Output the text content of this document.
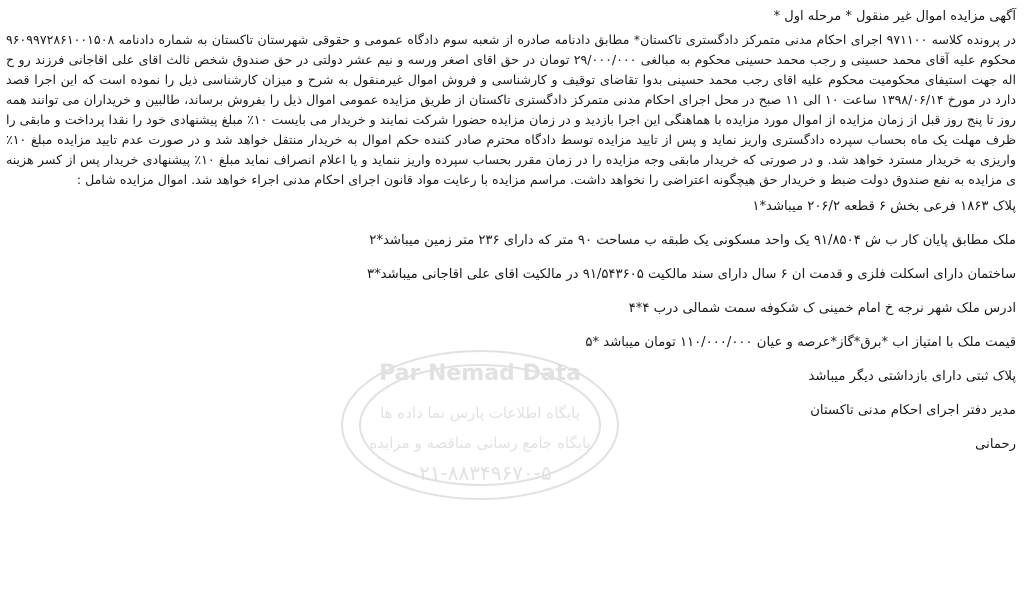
آگهی مزایده اموال غیر منقول * مرحله اول *

در پرونده کلاسه ۹۷۱۱۰۰ اجرای احکام مدنی متمرکز دادگستری تاکستان* مطابق دادنامه صادره از شعبه سوم دادگاه عمومی و حقوقی شهرستان تاکستان به شماره دادنامه ۹۶۰۹۹۷۲۸۶۱۰۰۱۵۰۸ محکوم علیه آقای محمد حسینی و رجب محمد حسینی محکوم به مبالغی ۲۹/۰۰۰/۰۰۰ تومان در حق اقای اصغر ورسه و نیم عشر دولتی در حق صندوق شخص ثالث اقای علی اقاجانی فرزند رو ح اله جهت استیفای محکومیت محکوم علیه اقای رجب محمد حسینی بدوا تقاضای توقیف و کارشناسی و فروش اموال غیرمنقول به شرح و میزان کارشناسی ذیل را نموده است که این اجرا قصد دارد در مورخ ۱۳۹۸/۰۶/۱۴ ساعت ۱۰ الی ۱۱ صبح در محل اجرای احکام مدنی متمرکز دادگستری تاکستان از طریق مزایده عمومی اموال ذیل را بفروش برساند، طالبین و خریداران می توانند همه روز تا پنج روز قبل از زمان مزایده از اموال مورد مزایده با هماهنگی این اجرا بازدید و در زمان مزایده حضورا شرکت نمایند و خریدار می بایست ۱۰٪ مبلغ پیشنهادی خود را نقدا پرداخت و مابقی را ظرف مهلت یک ماه بحساب سپرده دادگستری واریز نماید و پس از تایید مزایده توسط دادگاه محترم صادر کننده حکم اموال به خریدار منتقل خواهد شد و در صورت عدم تایید مزایده مبلغ ۱۰٪ واریزی به خریدار مسترد خواهد شد. و در صورتی که خریدار مابقی وجه مزایده را در زمان مقرر بحساب سپرده واریز ننماید و یا اعلام انصراف نماید مبلغ ۱۰٪ پیشنهادی خریدار پس از کسر هزینه ی مزایده به نفع صندوق دولت ضبط و خریدار حق هیچگونه اعتراضی را نخواهد داشت. مراسم مزایده با رعایت مواد قانون اجرای احکام مدنی اجراء خواهد شد. اموال مزایده شامل :

پلاک ۱۸۶۳ فرعی بخش ۶ قطعه ۲۰۶/۲ میباشد*۱
ملک مطابق پایان کار ب ش ۹۱/۸۵۰۴ یک واحد مسکونی یک طبقه ب مساحت ۹۰ متر که دارای ۲۳۶ متر زمین میباشد*۲
ساختمان دارای اسکلت فلزی و قدمت ان ۶ سال دارای سند مالکیت ۹۱/۵۴۳۶۰۵ در مالکیت اقای علی اقاجانی میباشد*۳
ادرس ملک شهر نرجه خ امام خمینی ک شکوفه سمت شمالی درب ۴*۴
قیمت ملک با امتیاز اب *برق*گاز*عرصه و عیان ۱۱۰/۰۰۰/۰۰۰ تومان میباشد *۵
پلاک ثبتی دارای بازداشتی دیگر میباشد
مدیر دفتر اجرای احکام مدنی تاکستان
رحمانی
Par Nemad Data
پایگاه اطلاعات پارس نما داده ها
پایگاه جامع رسانی مناقصه و مزایده
۰۲۱-۸۸۳۴۹۶۷۰-۵
